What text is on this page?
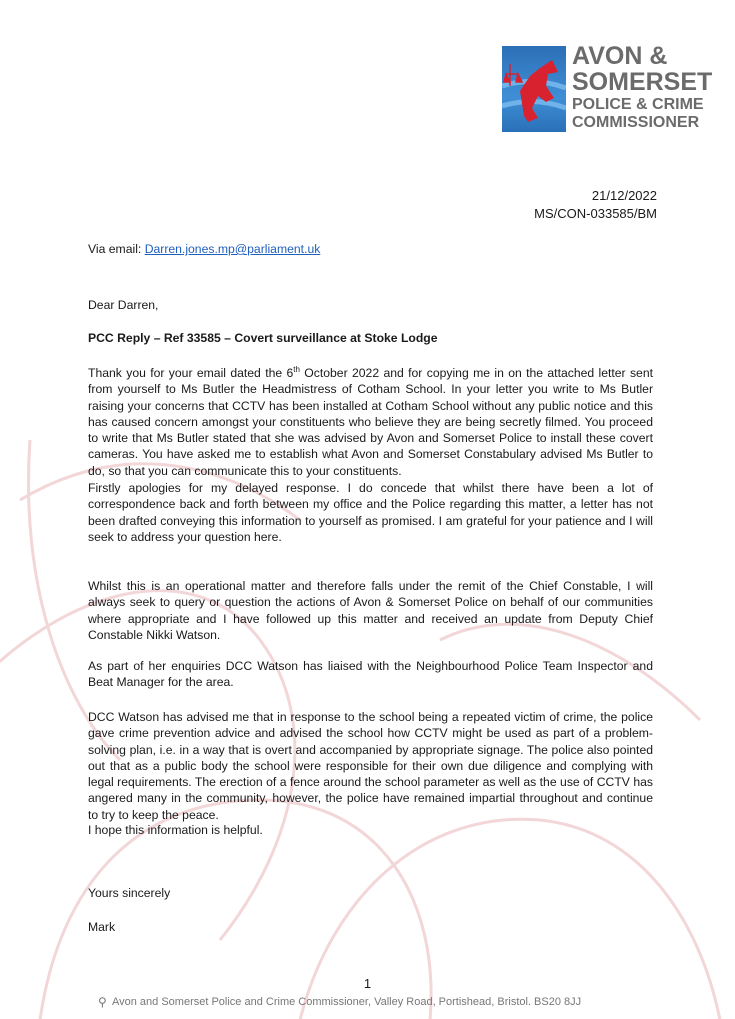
AVON &
SOMERSET
POLICE & CRIME
COMMISSIONER
21/12/2022
MS/CON-033585/BM
Via email: Darren.jones.mp@parliament.uk
Dear Darren,
PCC Reply – Ref 33585 – Covert surveillance at Stoke Lodge

Thank you for your email dated the 6th October 2022 and for copying me in on the attached letter sent from yourself to Ms Butler the Headmistress of Cotham School. In your letter you write to Ms Butler raising your concerns that CCTV has been installed at Cotham School without any public notice and this has caused concern amongst your constituents who believe they are being secretly filmed. You proceed to write that Ms Butler stated that she was advised by Avon and Somerset Police to install these covert cameras. You have asked me to establish what Avon and Somerset Constabulary advised Ms Butler to do, so that you can communicate this to your constituents.

Firstly apologies for my delayed response. I do concede that whilst there have been a lot of correspondence back and forth between my office and the Police regarding this matter, a letter has not been drafted conveying this information to yourself as promised. I am grateful for your patience and I will seek to address your question here.

Whilst this is an operational matter and therefore falls under the remit of the Chief Constable, I will always seek to query or question the actions of Avon & Somerset Police on behalf of our communities where appropriate and I have followed up this matter and received an update from Deputy Chief Constable Nikki Watson.

As part of her enquiries DCC Watson has liaised with the Neighbourhood Police Team Inspector and Beat Manager for the area.

DCC Watson has advised me that in response to the school being a repeated victim of crime, the police gave crime prevention advice and advised the school how CCTV might be used as part of a problem-solving plan, i.e. in a way that is overt and accompanied by appropriate signage. The police also pointed out that as a public body the school were responsible for their own due diligence and complying with legal requirements. The erection of a fence around the school parameter as well as the use of CCTV has angered many in the community, however, the police have remained impartial throughout and continue to try to keep the peace.

I hope this information is helpful.

Yours sincerely
Mark
1
⚲ Avon and Somerset Police and Crime Commissioner, Valley Road, Portishead, Bristol. BS20 8JJ
